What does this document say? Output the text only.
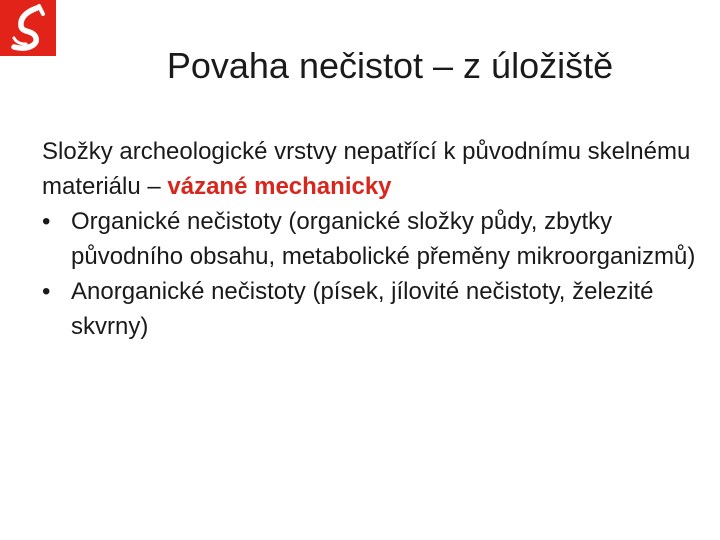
Povaha nečistot – z úložiště

Složky archeologické vrstvy nepatřící k původnímu skelnému materiálu – vázané mechanicky

• Organické nečistoty (organické složky půdy, zbytky původního obsahu, metabolické přeměny mikroorganizmů)
• Anorganické nečistoty (písek, jílovité nečistoty, železité skvrny)
